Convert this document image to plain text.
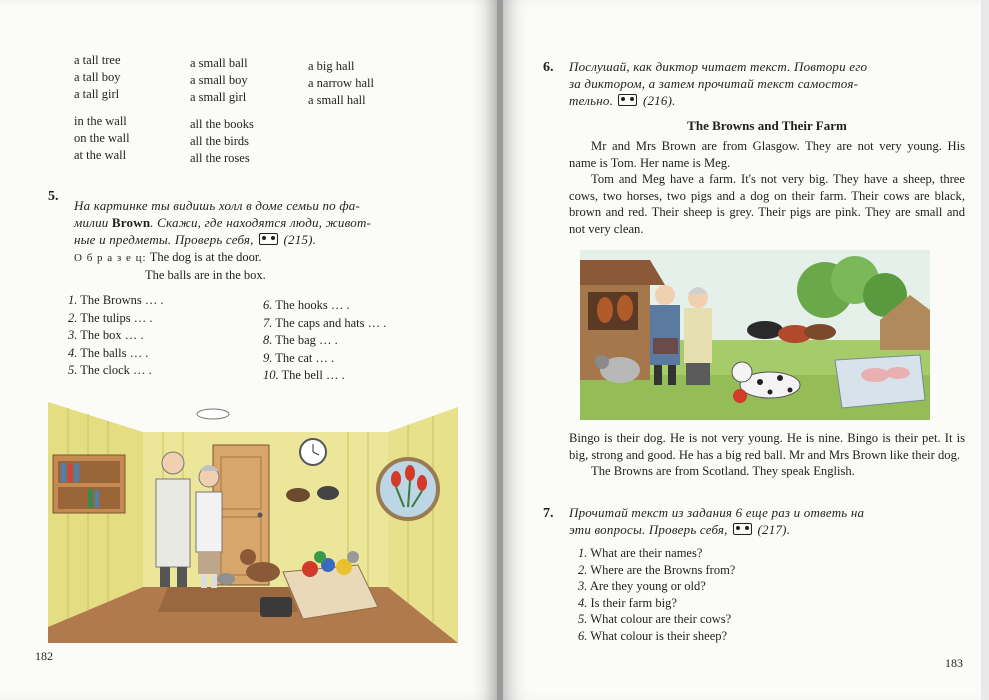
a tall tree
a tall boy
a tall girl
in the wall
on the wall
at the wall
a small ball
a small boy
a small girl
all the books
all the birds
all the roses
a big hall
a narrow hall
a small hall
5.
На картинке ты видишь холл в доме семьи по фа-
милии Brown. Скажи, где находятся люди, живот-
ные и предметы. Проверь себя, (215).
О б р а з е ц: The dog is at the door.
The balls are in the box.
1. The Browns … .
2. The tulips … .
3. The box … .
4. The balls … .
5. The clock … .
6. The hooks … .
7. The caps and hats … .
8. The bag … .
9. The cat … .
10. The bell … .
182
6. Послушай, как диктор читает текст. Повтори его
за диктором, а затем прочитай текст самостоя-
тельно. (216).
The Browns and Their Farm

Mr and Mrs Brown are from Glasgow. They are not very young. His name is Tom. Her name is Meg.

Tom and Meg have a farm. It's not very big. They have a sheep, three cows, two horses, two pigs and a dog on their farm. Their cows are black, brown and red. Their sheep is grey. Their pigs are pink. They are small and not very clean.

Bingo is their dog. He is not very young. He is nine. Bingo is their pet. It is big, strong and good. He has a big red ball. Mr and Mrs Brown like their dog.

The Browns are from Scotland. They speak English.

7. Прочитай текст из задания 6 еще раз и ответь на
эти вопросы. Проверь себя, (217).
1. What are their names?
2. Where are the Browns from?
3. Are they young or old?
4. Is their farm big?
5. What colour are their cows?
6. What colour is their sheep?
183
